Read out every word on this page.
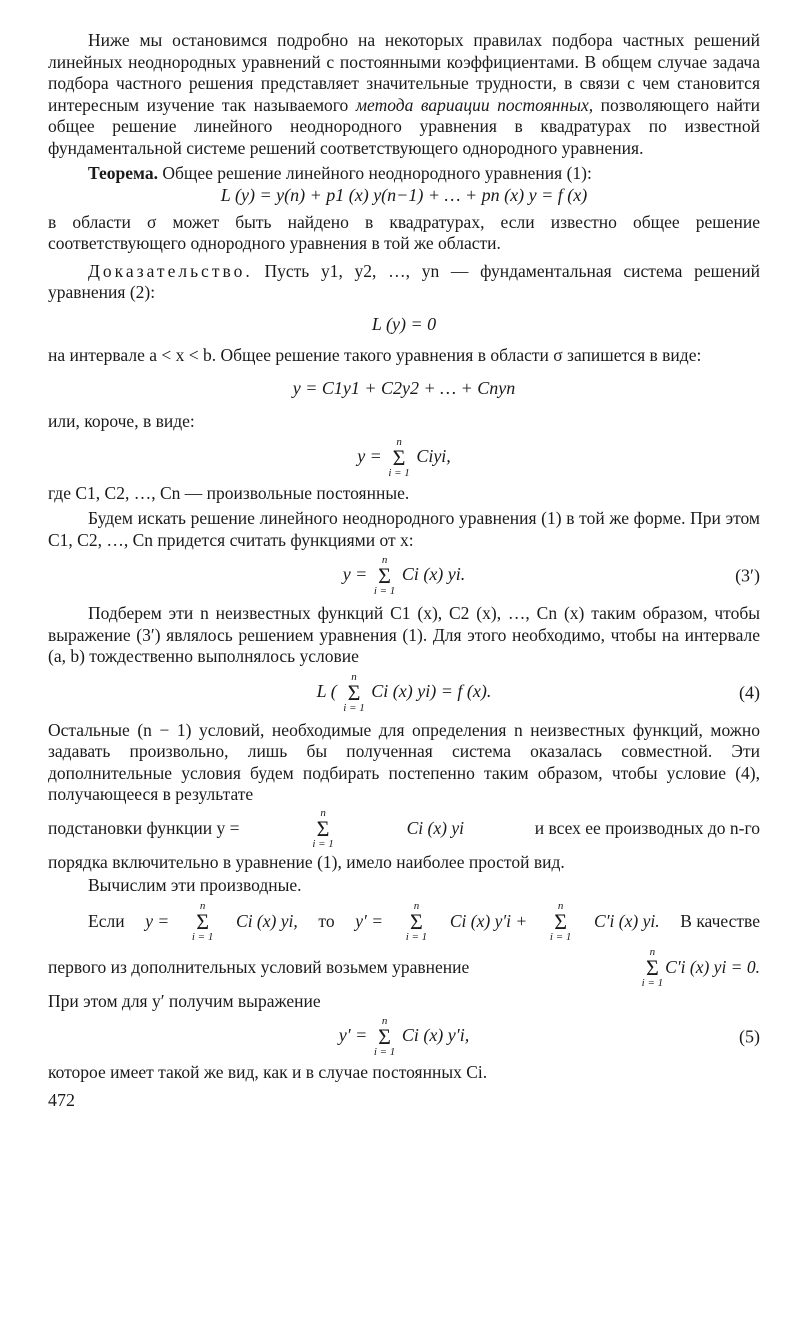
Ниже мы остановимся подробно на некоторых правилах подбора частных решений линейных неоднородных уравнений с постоянными коэффициентами. В общем случае задача подбора частного решения представляет значительные трудности, в связи с чем становится интересным изучение так называемого метода вариации постоянных, позволяющего найти общее решение линейного неоднородного уравнения в квадратурах по известной фундаментальной системе решений соответствующего однородного уравнения.

Теорема. Общее решение линейного неоднородного уравнения (1):

L (y) = y(n) + p1 (x) y(n−1) + … + pn (x) y = f (x)

в области σ может быть найдено в квадратурах, если известно общее решение соответствующего однородного уравнения в той же области.

Доказательство. Пусть y1, y2, …, yn — фундаментальная система решений уравнения (2):

L (y) = 0

на интервале a < x < b. Общее решение такого уравнения в области σ запишется в виде:

y = C1y1 + C2y2 + … + Cnyn

или, короче, в виде:

y =
n
Σ
i = 1
Ciyi,

где C1, C2, …, Cn — произвольные постоянные.

Будем искать решение линейного неоднородного уравнения (1) в той же форме. При этом C1, C2, …, Cn придется считать функциями от x:

y =
n
Σ
i = 1
Ci (x) yi.	(3′)

Подберем эти n неизвестных функций C1 (x), C2 (x), …, Cn (x) таким образом, чтобы выражение (3′) являлось решением уравнения (1). Для этого необходимо, чтобы на интервале (a, b) тождественно выполнялось условие

L (
n
Σ
i = 1
Ci (x) yi) = f (x).	(4)

Остальные (n − 1) условий, необходимые для определения n неизвестных функций, можно задавать произвольно, лишь бы полученная система оказалась совместной. Эти дополнительные условия будем подбирать постепенно таким образом, чтобы условие (4), получающееся в результате

подстановки функции y =
n
Σ
i = 1
Ci (x) yi	и всех ее производных до n-го

порядка включительно в уравнение (1), имело наиболее простой вид.

Вычислим эти производные.

Если y =
n
Σ
i = 1
Ci (x) yi, то y′ =
n
Σ
i = 1
Ci (x) y′i +
n
Σ
i = 1
C′i (x) yi. В качестве
первого из дополнительных условий возьмем уравнение
n
Σ
i = 1
C′i (x) yi = 0.

При этом для y′ получим выражение

y′ =
n
Σ
i = 1
Ci (x) y′i,	(5)

которое имеет такой же вид, как и в случае постоянных Ci.

472
